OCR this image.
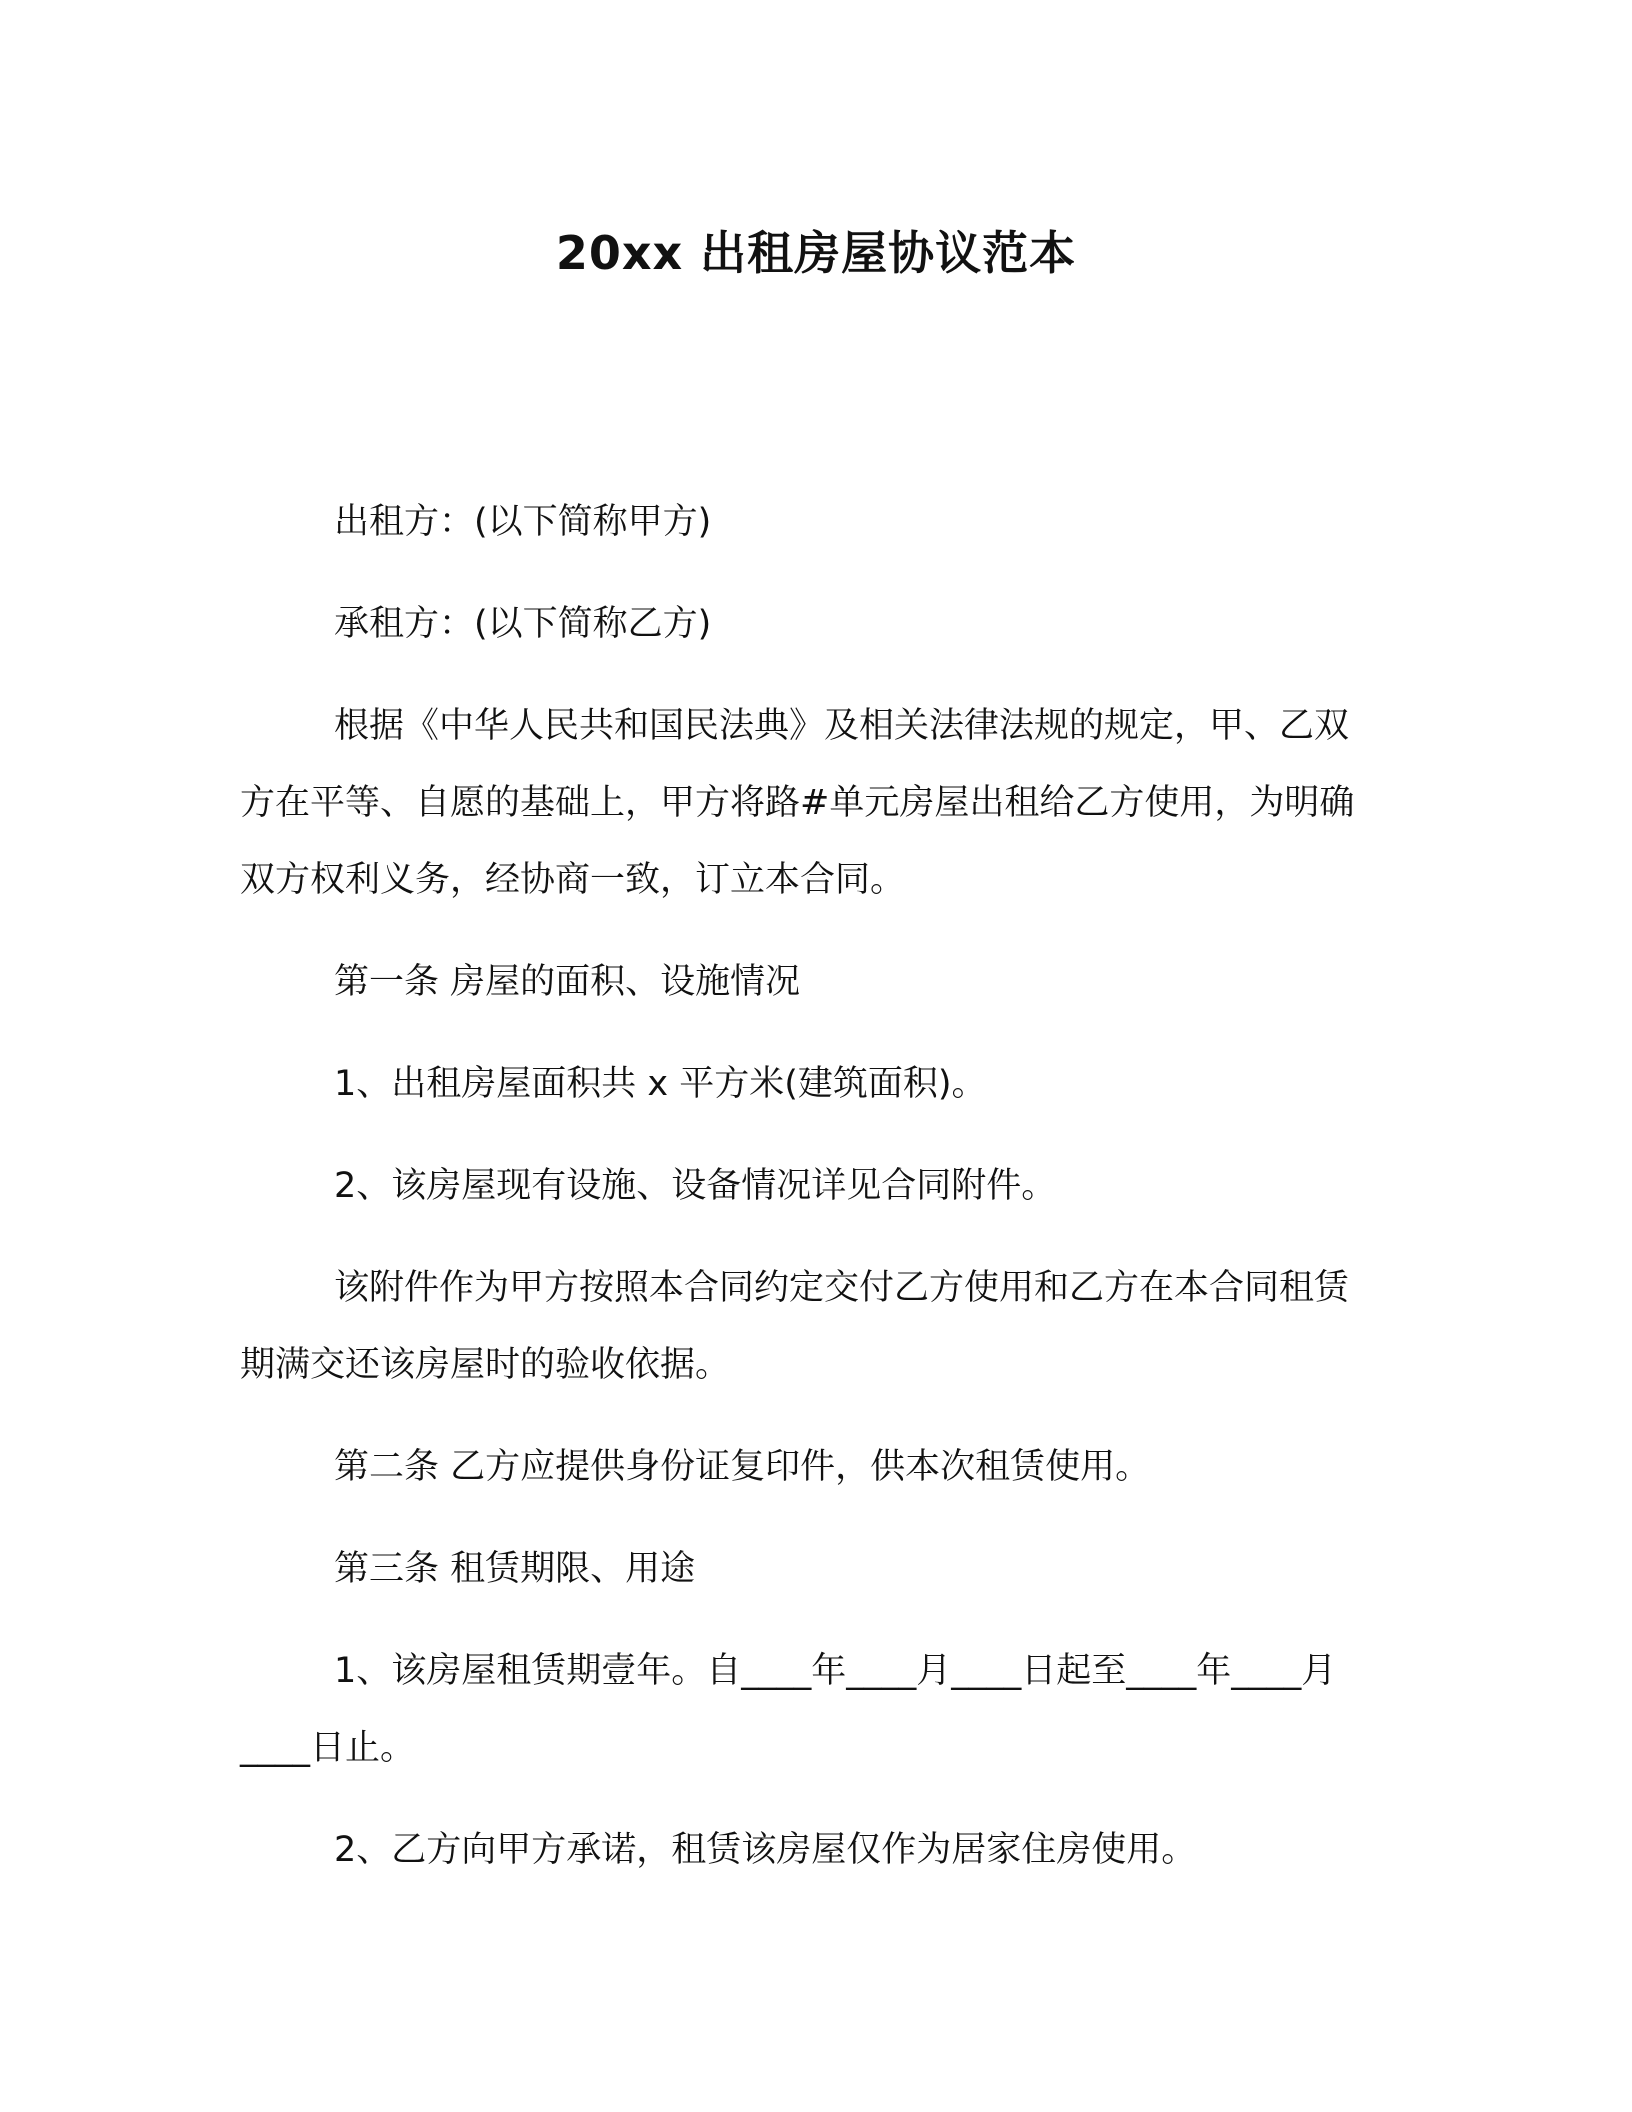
20xx 出租房屋协议范本

出租方：(以下简称甲方)

承租方：(以下简称乙方)

根据《中华人民共和国民法典》及相关法律法规的规定，甲、乙双方在平等、自愿的基础上，甲方将路#单元房屋出租给乙方使用，为明确双方权利义务，经协商一致，订立本合同。

第一条 房屋的面积、设施情况

1、出租房屋面积共 x 平方米(建筑面积)。

2、该房屋现有设施、设备情况详见合同附件。

该附件作为甲方按照本合同约定交付乙方使用和乙方在本合同租赁期满交还该房屋时的验收依据。

第二条 乙方应提供身份证复印件，供本次租赁使用。

第三条 租赁期限、用途

1、该房屋租赁期壹年。自____年____月____日起至____年____月____日止。

2、乙方向甲方承诺，租赁该房屋仅作为居家住房使用。
